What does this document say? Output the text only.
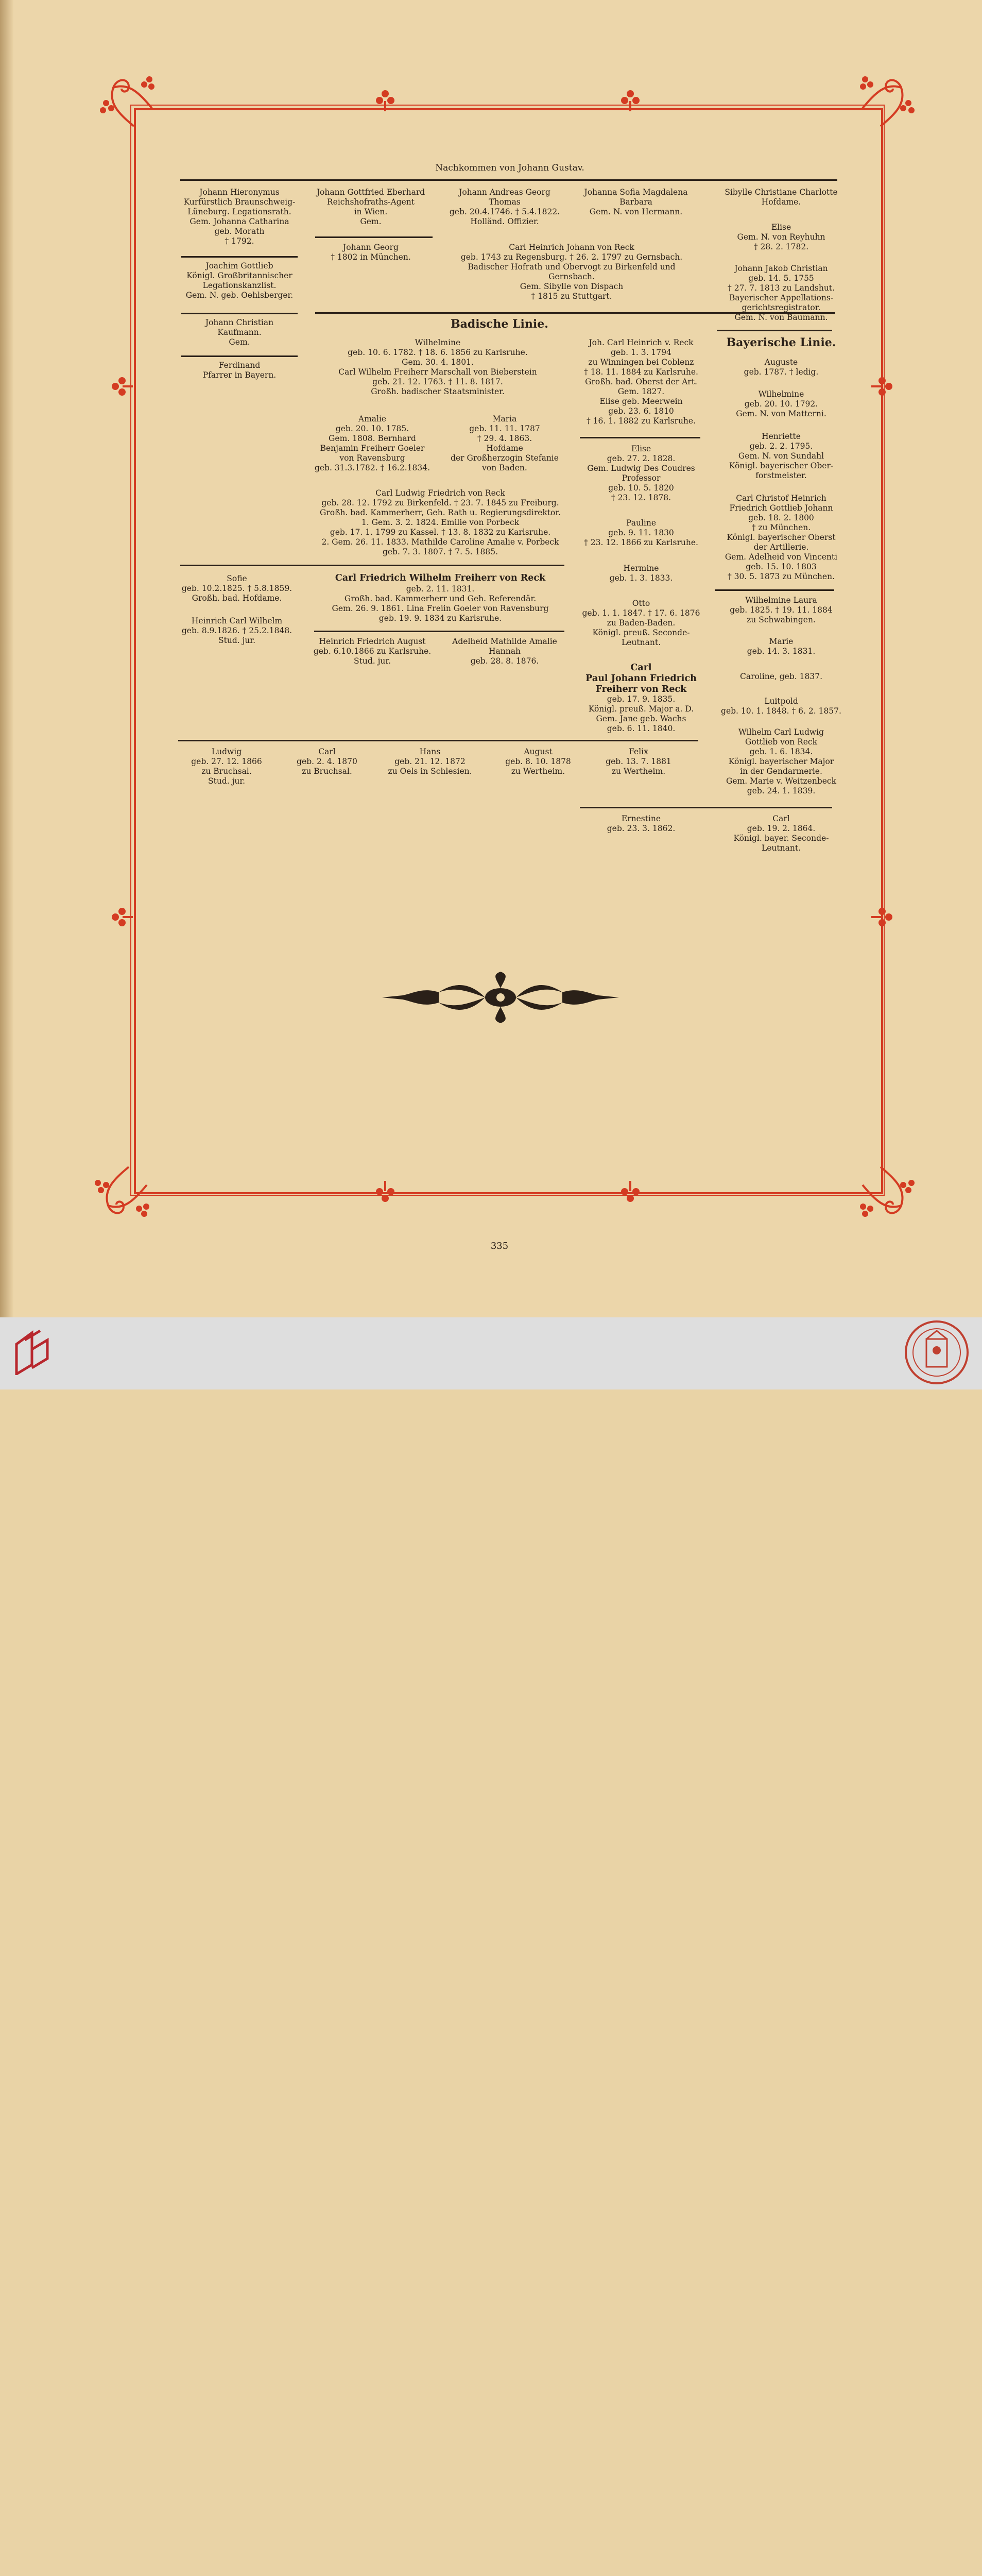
Nachkommen von Johann Gustav.
Johann Hieronymus
Kurfürstlich Braunschweig-
Lüneburg. Legationsrath.
Gem. Johanna Catharina
geb. Morath
† 1792.
Joachim Gottlieb
Königl. Großbritannischer
Legationskanzlist.
Gem. N. geb. Oehlsberger.
Johann Christian
Kaufmann.
Gem.
Ferdinand
Pfarrer in Bayern.
Johann Gottfried Eberhard
Reichshofraths-Agent
in Wien.
Gem.
Johann Georg
† 1802 in München.
Johann Andreas Georg
Thomas
geb. 20.4.1746. † 5.4.1822.
Holländ. Offizier.
Carl Heinrich Johann von Reck
geb. 1743 zu Regensburg. † 26. 2. 1797 zu Gernsbach.
Badischer Hofrath und Obervogt zu Birkenfeld und
Gernsbach.
Gem. Sibylle von Dispach
† 1815 zu Stuttgart.
Johanna Sofia Magdalena
Barbara
Gem. N. von Hermann.
Sibylle Christiane Charlotte
Hofdame.
Elise
Gem. N. von Reyhuhn
† 28. 2. 1782.
Johann Jakob Christian
geb. 14. 5. 1755
† 27. 7. 1813 zu Landshut.
Bayerischer Appellations-
gerichtsregistrator.
Gem. N. von Baumann.
Badische Linie.
Wilhelmine
geb. 10. 6. 1782. † 18. 6. 1856 zu Karlsruhe.
Gem. 30. 4. 1801.
Carl Wilhelm Freiherr Marschall von Bieberstein
geb. 21. 12. 1763. † 11. 8. 1817.
Großh. badischer Staatsminister.
Amalie
geb. 20. 10. 1785.
Gem. 1808. Bernhard
Benjamin Freiherr Goeler
von Ravensburg
geb. 31.3.1782. † 16.2.1834.
Maria
geb. 11. 11. 1787
† 29. 4. 1863.
Hofdame
der Großherzogin Stefanie
von Baden.
Carl Ludwig Friedrich von Reck
geb. 28. 12. 1792 zu Birkenfeld. † 23. 7. 1845 zu Freiburg.
Großh. bad. Kammerherr, Geh. Rath u. Regierungsdirektor.
1. Gem. 3. 2. 1824. Emilie von Porbeck
geb. 17. 1. 1799 zu Kassel. † 13. 8. 1832 zu Karlsruhe.
2. Gem. 26. 11. 1833. Mathilde Caroline Amalie v. Porbeck
geb. 7. 3. 1807. † 7. 5. 1885.
Carl Friedrich Wilhelm Freiherr von Reck
geb. 2. 11. 1831.
Großh. bad. Kammerherr und Geh. Referendär.
Gem. 26. 9. 1861. Lina Freiin Goeler von Ravensburg
geb. 19. 9. 1834 zu Karlsruhe.
Heinrich Friedrich August
geb. 6.10.1866 zu Karlsruhe.
Stud. jur.
Adelheid Mathilde Amalie
Hannah
geb. 28. 8. 1876.
Sofie
geb. 10.2.1825. † 5.8.1859.
Großh. bad. Hofdame.
Heinrich Carl Wilhelm
geb. 8.9.1826. † 25.2.1848.
Stud. jur.
Joh. Carl Heinrich v. Reck
geb. 1. 3. 1794
zu Winningen bei Coblenz
† 18. 11. 1884 zu Karlsruhe.
Großh. bad. Oberst der Art.
Gem. 1827.
Elise geb. Meerwein
geb. 23. 6. 1810
† 16. 1. 1882 zu Karlsruhe.
Elise
geb. 27. 2. 1828.
Gem. Ludwig Des Coudres
Professor
geb. 10. 5. 1820
† 23. 12. 1878.
Pauline
geb. 9. 11. 1830
† 23. 12. 1866 zu Karlsruhe.
Hermine
geb. 1. 3. 1833.
Otto
geb. 1. 1. 1847. † 17. 6. 1876
zu Baden-Baden.
Königl. preuß. Seconde-
Leutnant.
Carl
Paul Johann Friedrich
Freiherr von Reck
geb. 17. 9. 1835.
Königl. preuß. Major a. D.
Gem. Jane geb. Wachs
geb. 6. 11. 1840.
Bayerische Linie.
Auguste
geb. 1787. † ledig.
Wilhelmine
geb. 20. 10. 1792.
Gem. N. von Matterni.
Henriette
geb. 2. 2. 1795.
Gem. N. von Sundahl
Königl. bayerischer Ober-
forstmeister.
Carl Christof Heinrich
Friedrich Gottlieb Johann
geb. 18. 2. 1800
† zu München.
Königl. bayerischer Oberst
der Artillerie.
Gem. Adelheid von Vincenti
geb. 15. 10. 1803
† 30. 5. 1873 zu München.
Wilhelmine Laura
geb. 1825. † 19. 11. 1884
zu Schwabingen.
Marie
geb. 14. 3. 1831.
Caroline, geb. 1837.
Luitpold
geb. 10. 1. 1848. † 6. 2. 1857.
Wilhelm Carl Ludwig
Gottlieb von Reck
geb. 1. 6. 1834.
Königl. bayerischer Major
in der Gendarmerie.
Gem. Marie v. Weitzenbeck
geb. 24. 1. 1839.
Ludwig
geb. 27. 12. 1866
zu Bruchsal.
Stud. jur.
Carl
geb. 2. 4. 1870
zu Bruchsal.
Hans
geb. 21. 12. 1872
zu Oels in Schlesien.
August
geb. 8. 10. 1878
zu Wertheim.
Felix
geb. 13. 7. 1881
zu Wertheim.
Ernestine
geb. 23. 3. 1862.
Carl
geb. 19. 2. 1864.
Königl. bayer. Seconde-
Leutnant.
335
